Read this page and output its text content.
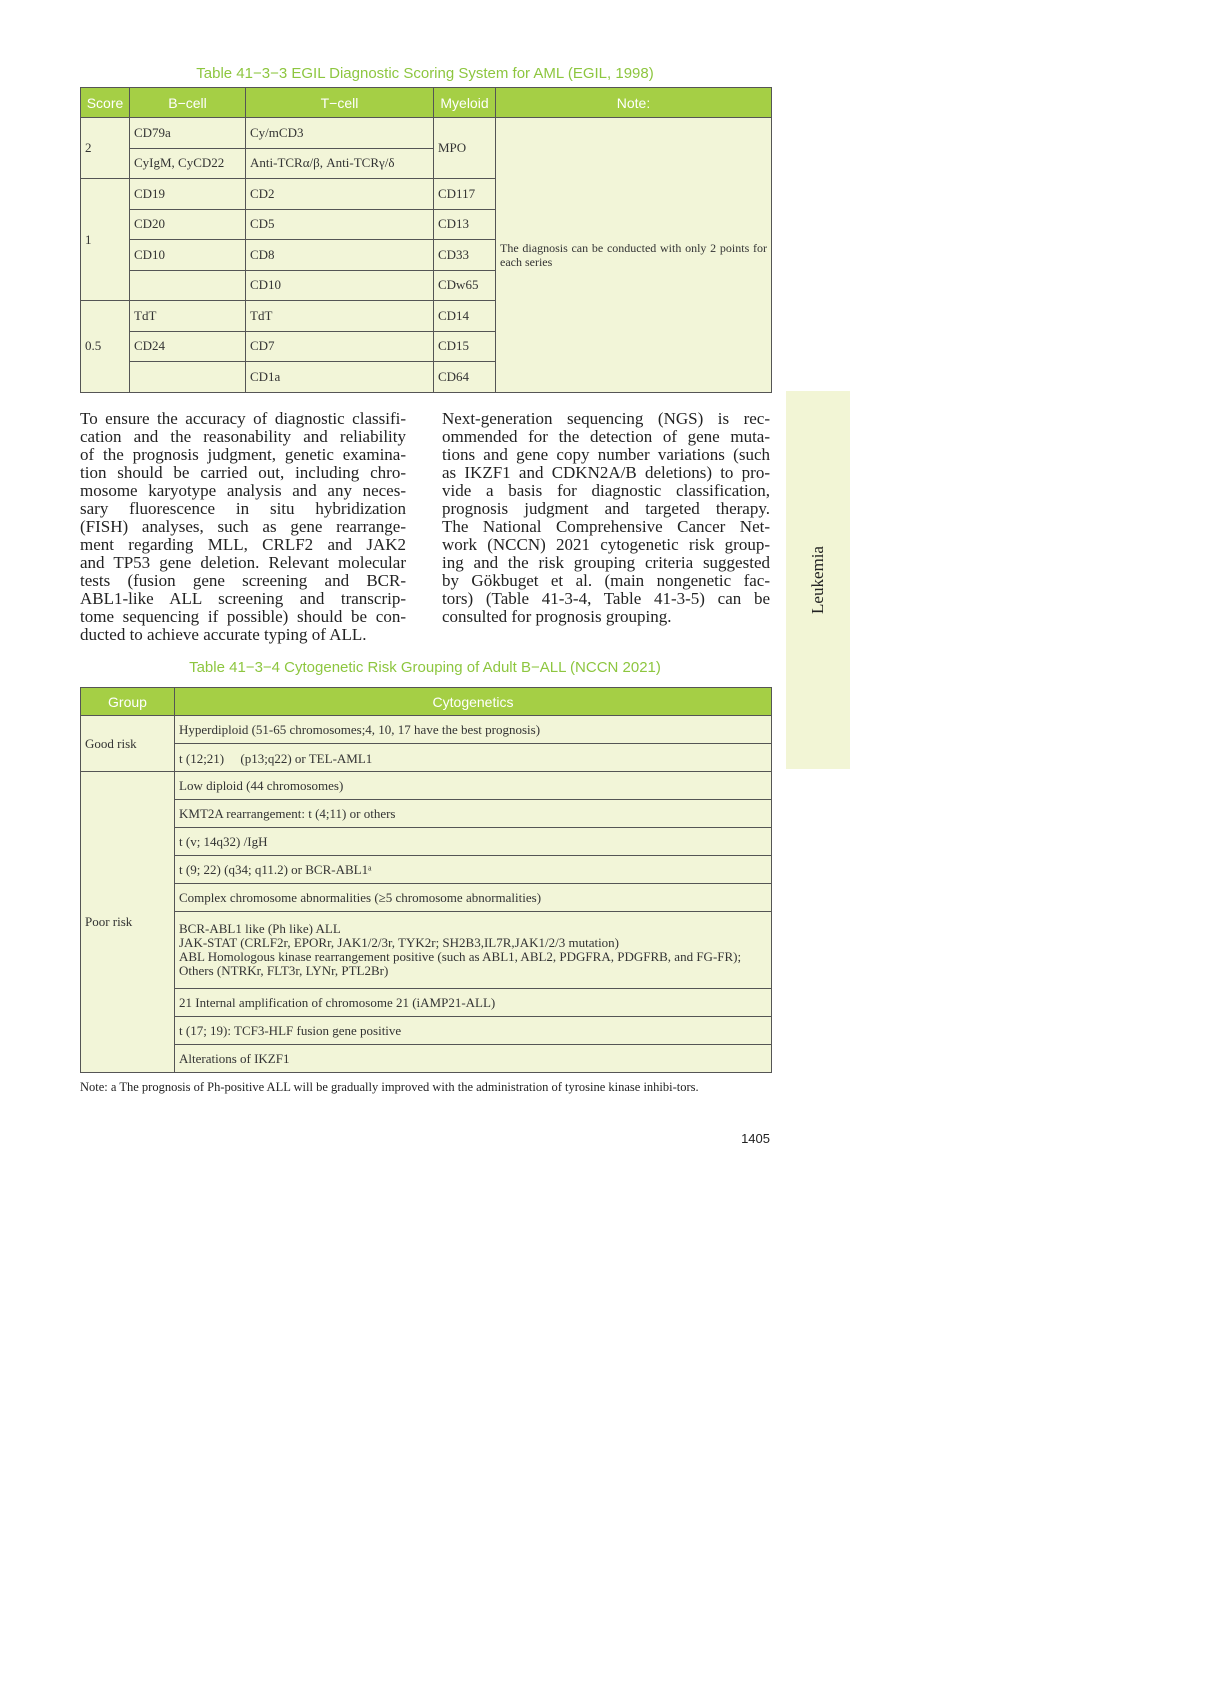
Table 41−3−3 EGIL Diagnostic Scoring System for AML (EGIL, 1998)
Score	B−cell	T−cell	Myeloid	Note:
2	CD79a	Cy/mCD3	MPO	The diagnosis can be conducted with only 2 points for each series
	CyIgM, CyCD22	Anti-TCRα/β, Anti-TCRγ/δ		
1	CD19	CD2	CD117	
	CD20	CD5	CD13	
	CD10	CD8	CD33	
		CD10	CDw65	
0.5	TdT	TdT	CD14	
	CD24	CD7	CD15	
		CD1a	CD64	
To ensure the accuracy of diagnostic classifi-
cation and the reasonability and reliability
of the prognosis judgment, genetic examina-
tion should be carried out, including chro-
mosome karyotype analysis and any neces-
sary fluorescence in situ hybridization
(FISH) analyses, such as gene rearrange-
ment regarding MLL, CRLF2 and JAK2
and TP53 gene deletion. Relevant molecular
tests (fusion gene screening and BCR-
ABL1-like ALL screening and transcrip-
tome sequencing if possible) should be con-
ducted to achieve accurate typing of ALL.
Next-generation sequencing (NGS) is rec-
ommended for the detection of gene muta-
tions and gene copy number variations (such
as IKZF1 and CDKN2A/B deletions) to pro-
vide a basis for diagnostic classification,
prognosis judgment and targeted therapy.
The National Comprehensive Cancer Net-
work (NCCN) 2021 cytogenetic risk group-
ing and the risk grouping criteria suggested
by Gökbuget et al. (main nongenetic fac-
tors) (Table 41-3-4, Table 41-3-5) can be
consulted for prognosis grouping.
Leukemia
Table 41−3−4 Cytogenetic Risk Grouping of Adult B−ALL (NCCN 2021)
Group	Cytogenetics
Good risk	Hyperdiploid (51-65 chromosomes;4, 10, 17 have the best prognosis)
	t (12;21)　 (p13;q22) or TEL-AML1
Poor risk	Low diploid (44 chromosomes)
	KMT2A rearrangement: t (4;11) or others
	t (v; 14q32) /IgH
	t (9; 22) (q34; q11.2) or BCR-ABL1ᵃ
	Complex chromosome abnormalities (≥5 chromosome abnormalities)

	BCR-ABL1 like (Ph like) ALL
JAK-STAT (CRLF2r, EPORr, JAK1/2/3r, TYK2r; SH2B3,IL7R,JAK1/2/3 mutation)
ABL Homologous kinase rearrangement positive (such as ABL1, ABL2, PDGFRA, PDGFRB, and FG-FR); Others (NTRKr, FLT3r, LYNr, PTL2Br)

	21 Internal amplification of chromosome 21 (iAMP21-ALL)
	t (17; 19): TCF3-HLF fusion gene positive
	Alterations of IKZF1
Note: a The prognosis of Ph-positive ALL will be gradually improved with the administration of tyrosine kinase inhibi-tors.
1405
